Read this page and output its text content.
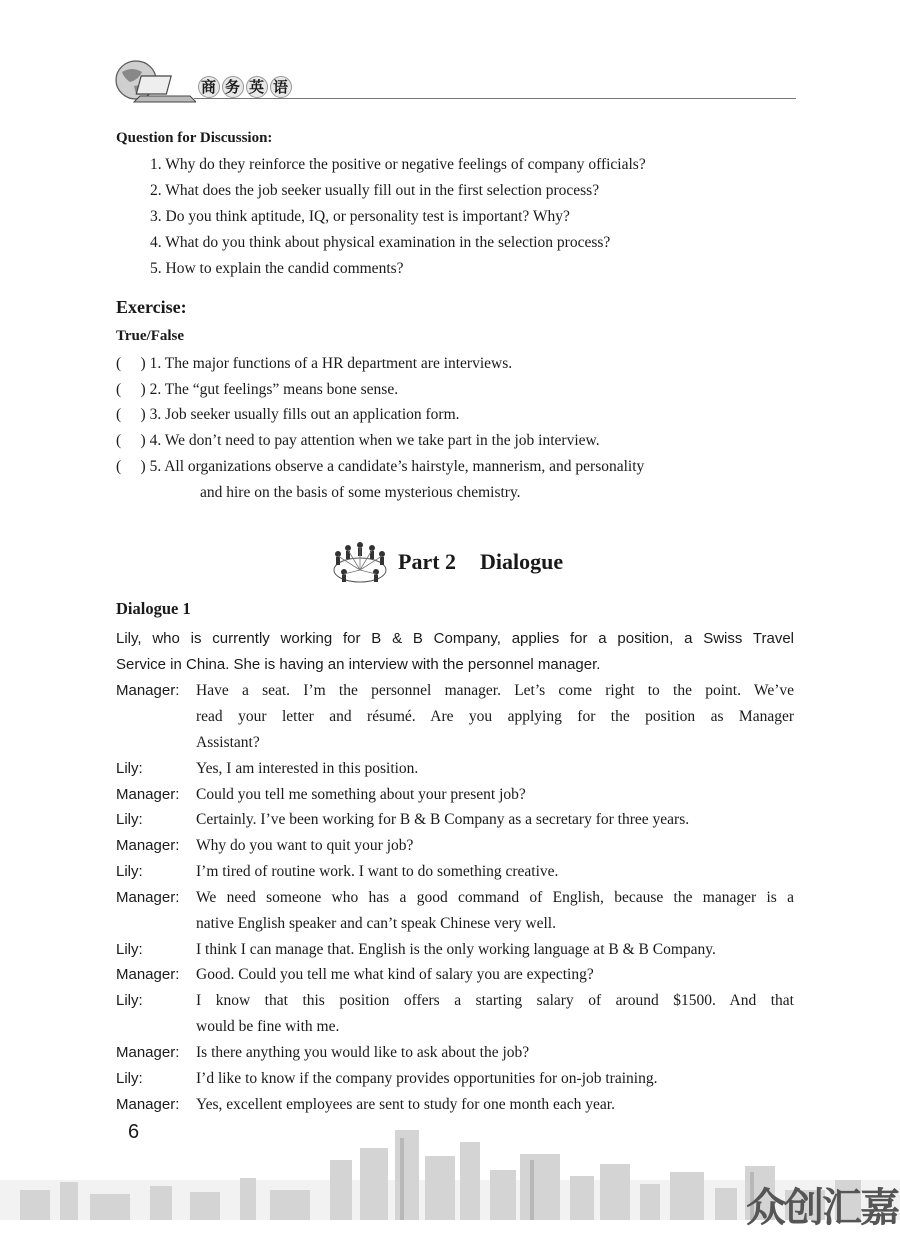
商 务 英 语
Question for Discussion:
1. Why do they reinforce the positive or negative feelings of company officials?
2. What does the job seeker usually fill out in the first selection process?
3. Do you think aptitude, IQ, or personality test is important? Why?
4. What do you think about physical examination in the selection process?
5. How to explain the candid comments?
Exercise:
True/False
(     ) 1. The major functions of a HR department are interviews.
(     ) 2. The “gut feelings” means bone sense.
(     ) 3. Job seeker usually fills out an application form.
(     ) 4. We don’t need to pay attention when we take part in the job interview.
(     ) 5. All organizations observe a candidate’s hairstyle, mannerism, and personality
and hire on the basis of some mysterious chemistry.
Part 2 Dialogue
Dialogue 1
Lily, who is currently working for B & B Company, applies for a position, a Swiss Travel
Service in China. She is having an interview with the personnel manager.
Manager: Have a seat. I’m the personnel manager. Let’s come right to the point. We’ve
read your letter and résumé. Are you applying for the position as Manager
Assistant?
Lily:	Yes, I am interested in this position.
Manager: Could you tell me something about your present job?
Lily:	Certainly. I’ve been working for B & B Company as a secretary for three years.
Manager: Why do you want to quit your job?
Lily:	I’m tired of routine work. I want to do something creative.
Manager: We need someone who has a good command of English, because the manager is a
native English speaker and can’t speak Chinese very well.
Lily:	I think I can manage that. English is the only working language at B & B Company.
Manager: Good. Could you tell me what kind of salary you are expecting?
Lily:	I know that this position offers a starting salary of around $1500. And that
would be fine with me.
Manager: Is there anything you would like to ask about the job?
Lily:	I’d like to know if the company provides opportunities for on-job training.
Manager: Yes, excellent employees are sent to study for one month each year.
6
众创汇嘉
